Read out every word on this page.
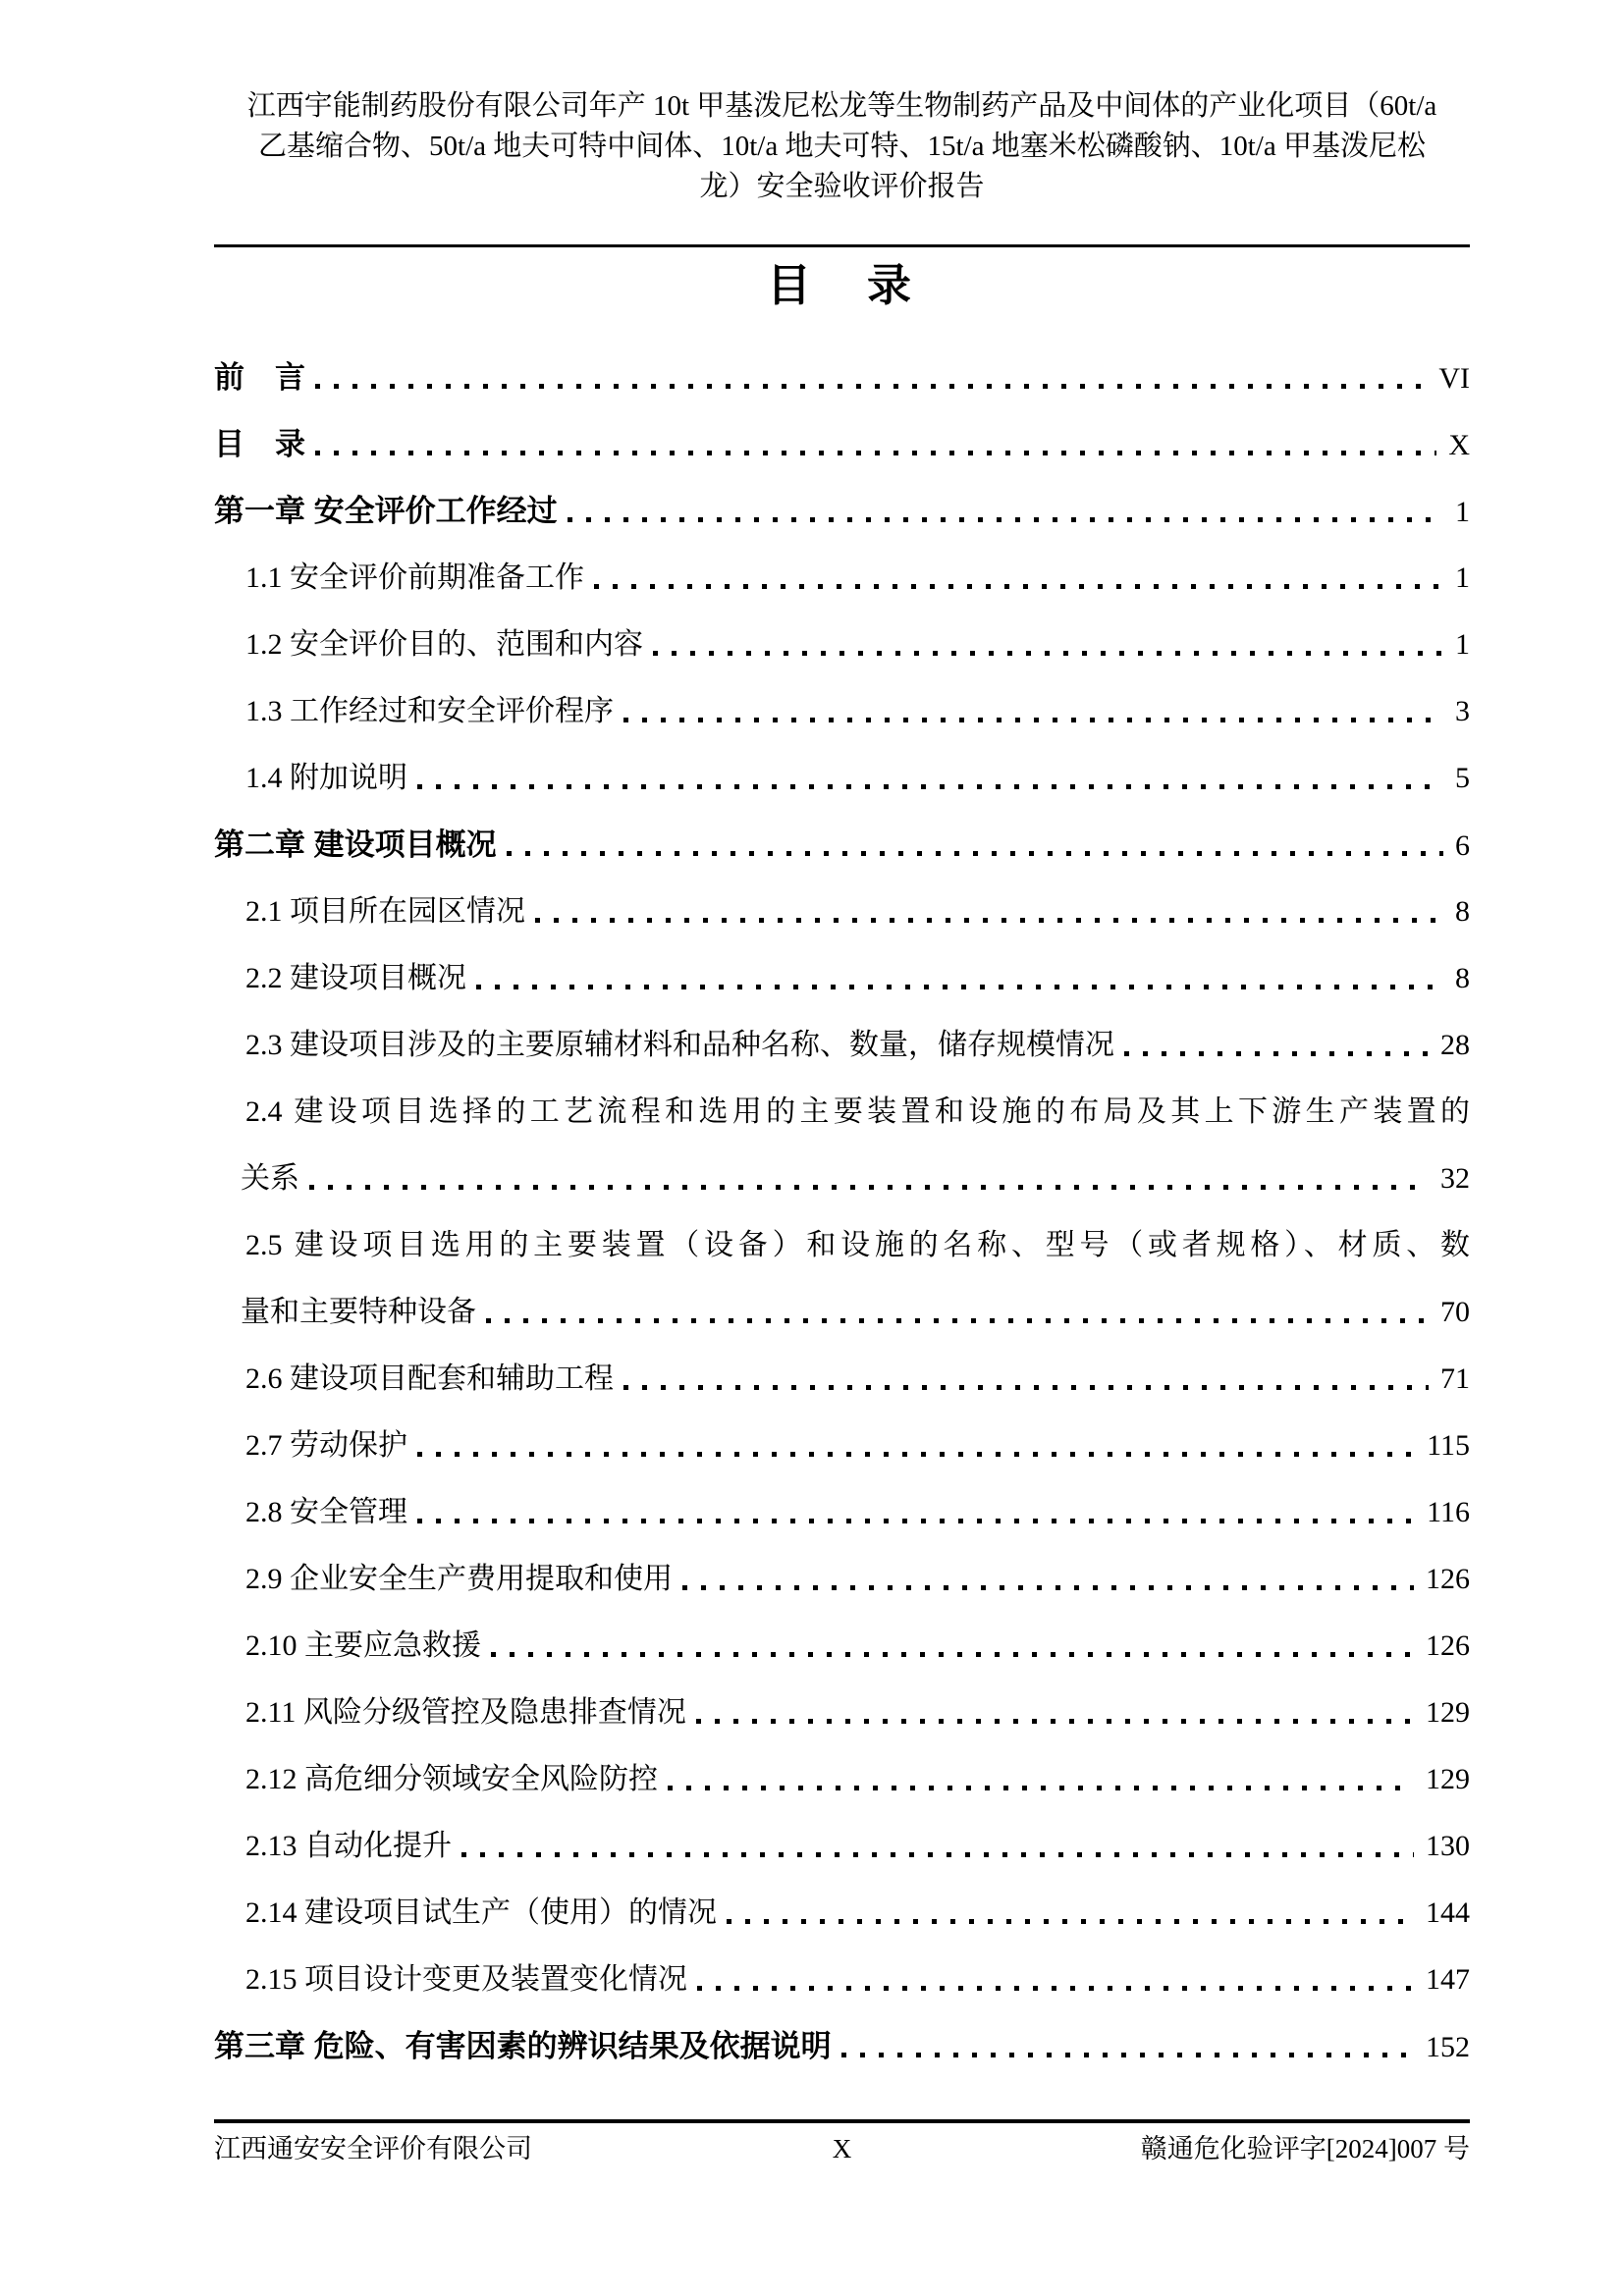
江西宇能制药股份有限公司年产 10t 甲基泼尼松龙等生物制药产品及中间体的产业化项目（60t/a
乙基缩合物、50t/a 地夫可特中间体、10t/a 地夫可特、15t/a 地塞米松磷酸钠、10t/a 甲基泼尼松
龙）安全验收评价报告
目　录
前　言	VI
目　录	X
第一章 安全评价工作经过	1
1.1 安全评价前期准备工作	1
1.2 安全评价目的、范围和内容	1
1.3 工作经过和安全评价程序	3
1.4 附加说明	5
第二章 建设项目概况	6
2.1 项目所在园区情况	8
2.2 建设项目概况	8
2.3 建设项目涉及的主要原辅材料和品种名称、数量，储存规模情况	28
2.4 建设项目选择的工艺流程和选用的主要装置和设施的布局及其上下游生产装置的
关系	32
2.5 建设项目选用的主要装置（设备）和设施的名称、型号（或者规格）、材质、数
量和主要特种设备	70
2.6 建设项目配套和辅助工程	71
2.7 劳动保护	115
2.8 安全管理	116
2.9 企业安全生产费用提取和使用	126
2.10 主要应急救援	126
2.11 风险分级管控及隐患排查情况	129
2.12 高危细分领域安全风险防控	129
2.13 自动化提升	130
2.14 建设项目试生产（使用）的情况	144
2.15 项目设计变更及装置变化情况	147
第三章 危险、有害因素的辨识结果及依据说明	152
江西通安安全评价有限公司	X	赣通危化验评字[2024]007 号
